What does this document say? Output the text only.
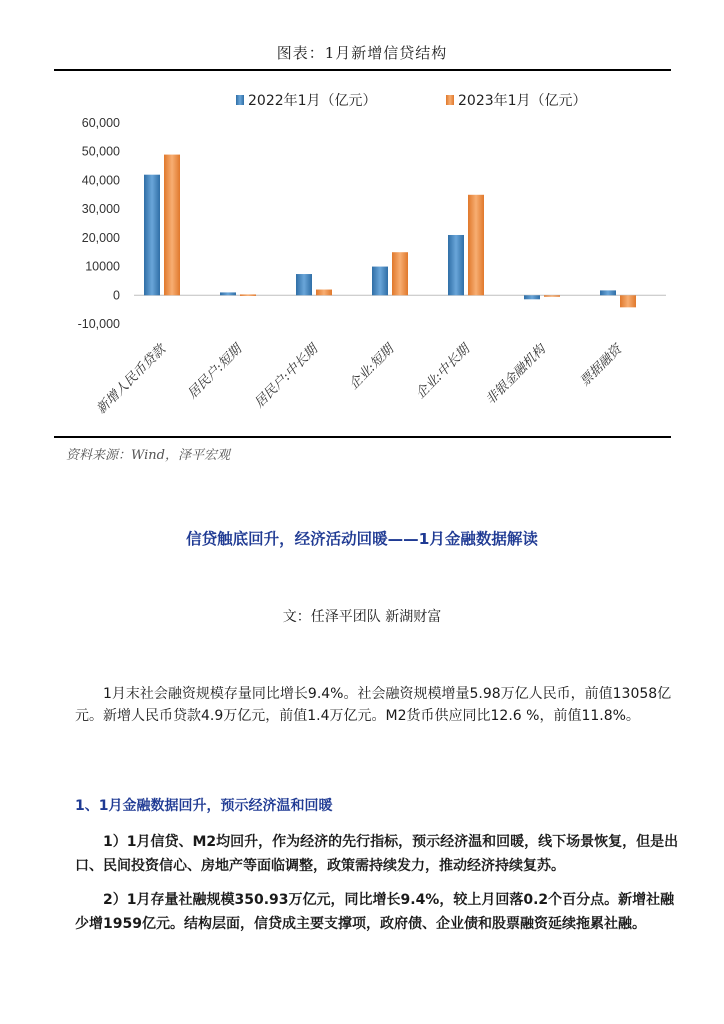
图表：1月新增信贷结构
2022年1月（亿元）	2023年1月（亿元）
60,000
50,000
40,000
30,000
20,000
10000
0
-10,000
新增人民币贷款 居民户:短期 居民户:中长期 企业:短期 企业:中长期 非银金融机构 票据融资
资料来源：Wind，泽平宏观
信贷触底回升，经济活动回暖——1月金融数据解读
文：任泽平团队 新湖财富
　　1月末社会融资规模存量同比增长9.4%。社会融资规模增量5.98万亿人民币，前值13058亿元。新增人民币贷款4.9万亿元，前值1.4万亿元。M2货币供应同比12.6 %，前值11.8%。
1、1月金融数据回升，预示经济温和回暖
　　1）1月信贷、M2均回升，作为经济的先行指标，预示经济温和回暖，线下场景恢复，但是出口、民间投资信心、房地产等面临调整，政策需持续发力，推动经济持续复苏。
　　2）1月存量社融规模350.93万亿元，同比增长9.4%，较上月回落0.2个百分点。新增社融少增1959亿元。结构层面，信贷成主要支撑项，政府债、企业债和股票融资延续拖累社融。
